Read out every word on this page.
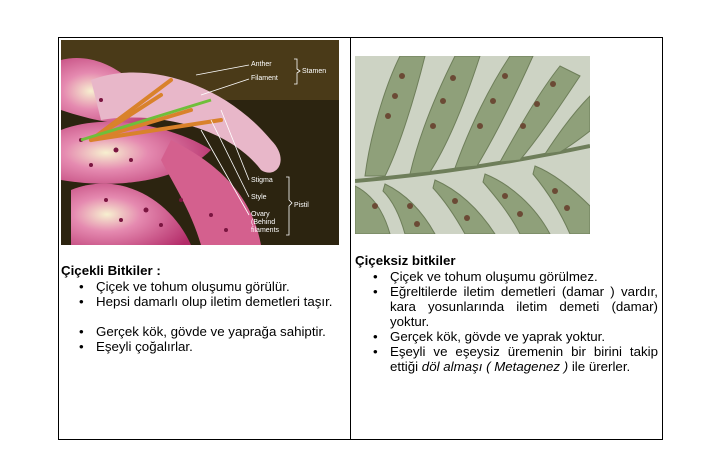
Anther
Filament
Stamen
Stigma
Style
Ovary
(Behind
filaments
Pistil
Çiçekli Bitkiler :
• Çiçek ve tohum oluşumu görülür.
• Hepsi damarlı olup iletim demetleri taşır.
• Gerçek kök, gövde ve yaprağa sahiptir.
• Eşeyli çoğalırlar.
Çiçeksiz bitkiler
• Çiçek ve tohum oluşumu görülmez.
• Eğreltilerde iletim demetleri (damar ) vardır, kara yosunlarında iletim demeti (damar) yoktur.
• Gerçek kök, gövde ve yaprak yoktur.
• Eşeyli ve eşeysiz üremenin bir birini takip ettiği döl almaşı ( Metagenez ) ile ürerler.
